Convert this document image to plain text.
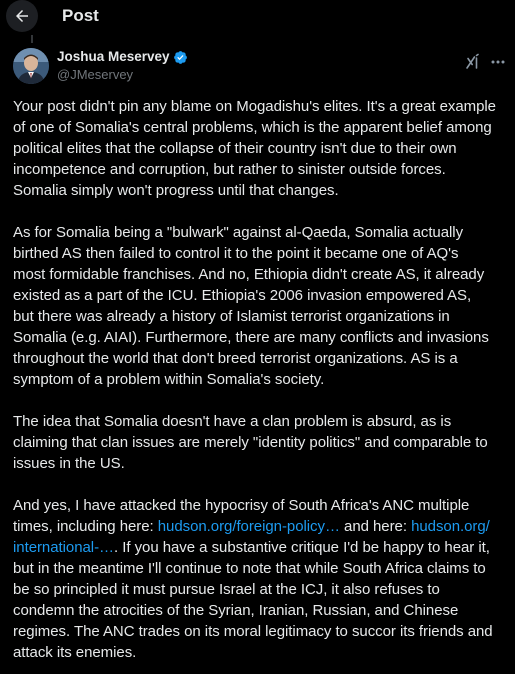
Post
Joshua Meservey
@JMeservey

Your post didn't pin any blame on Mogadishu's elites. It's a great example
of one of Somalia's central problems, which is the apparent belief among
political elites that the collapse of their country isn't due to their own
incompetence and corruption, but rather to sinister outside forces.
Somalia simply won't progress until that changes.

As for Somalia being a "bulwark" against al-Qaeda, Somalia actually
birthed AS then failed to control it to the point it became one of AQ's
most formidable franchises. And no, Ethiopia didn't create AS, it already
existed as a part of the ICU. Ethiopia's 2006 invasion empowered AS,
but there was already a history of Islamist terrorist organizations in
Somalia (e.g. AIAI). Furthermore, there are many conflicts and invasions
throughout the world that don't breed terrorist organizations. AS is a
symptom of a problem within Somalia's society.

The idea that Somalia doesn't have a clan problem is absurd, as is
claiming that clan issues are merely "identity politics" and comparable to
issues in the US.

And yes, I have attacked the hypocrisy of South Africa's ANC multiple
times, including here: hudson.org/foreign-policy… and here: hudson.org/
international-…. If you have a substantive critique I'd be happy to hear it,
but in the meantime I'll continue to note that while South Africa claims to
be so principled it must pursue Israel at the ICJ, it also refuses to
condemn the atrocities of the Syrian, Iranian, Russian, and Chinese
regimes. The ANC trades on its moral legitimacy to succor its friends and
attack its enemies.
